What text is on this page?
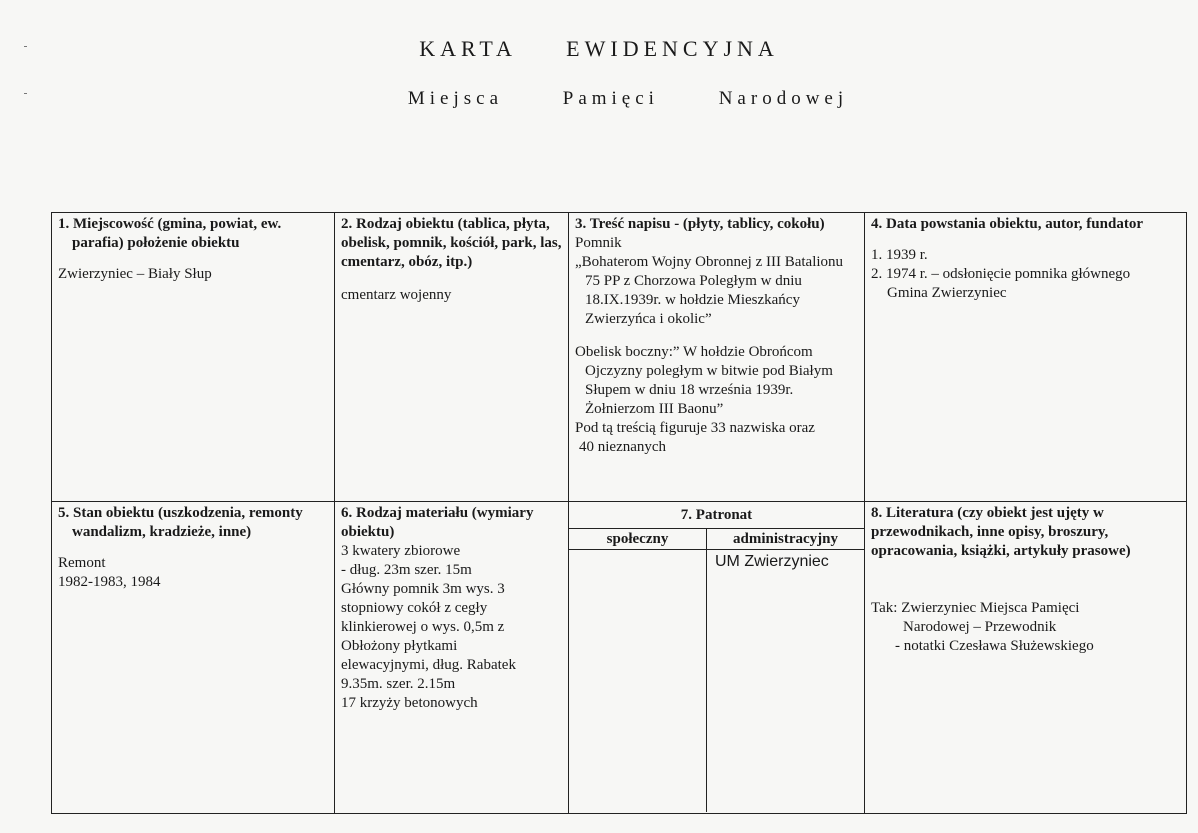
KARTA EWIDENCYJNA
Miejsca Pamięci Narodowej
1. Miejscowość (gmina, powiat, ew. parafia) położenie obiektu
Zwierzyniec – Biały Słup
2. Rodzaj obiektu (tablica, płyta, obelisk, pomnik, kościół, park, las, cmentarz, obóz, itp.)
cmentarz wojenny
3. Treść napisu - (płyty, tablicy, cokołu)
Pomnik
„Bohaterom Wojny Obronnej z III Batalionu 75 PP z Chorzowa Poległym w dniu 18.IX.1939r. w hołdzie Mieszkańcy Zwierzyńca i okolic”
Obelisk boczny:” W hołdzie Obrońcom
Ojczyzny poległym w bitwie pod Białym Słupem w dniu 18 września 1939r. Żołnierzom III Baonu”
Pod tą treścią figuruje 33 nazwiska oraz
40 nieznanych
4. Data powstania obiektu, autor, fundator
1. 1939 r.
2. 1974 r. – odsłonięcie pomnika głównego
Gmina Zwierzyniec
5. Stan obiektu (uszkodzenia, remonty wandalizm, kradzieże, inne)
Remont
1982-1983, 1984
6. Rodzaj materiału (wymiary obiektu)
3 kwatery zbiorowe
- dług. 23m szer. 15m
Główny pomnik 3m wys. 3
stopniowy cokół z cegły
klinkierowej o wys. 0,5m z
Obłożony płytkami
elewacyjnymi, dług. Rabatek
9.35m. szer. 2.15m
17 krzyży betonowych
7. Patronat
społeczny	administracyjny
UM Zwierzyniec
8. Literatura (czy obiekt jest ujęty w przewodnikach, inne opisy, broszury, opracowania, książki, artykuły prasowe)
Tak: Zwierzyniec Miejsca Pamięci
Narodowej – Przewodnik
- notatki Czesława Służewskiego
